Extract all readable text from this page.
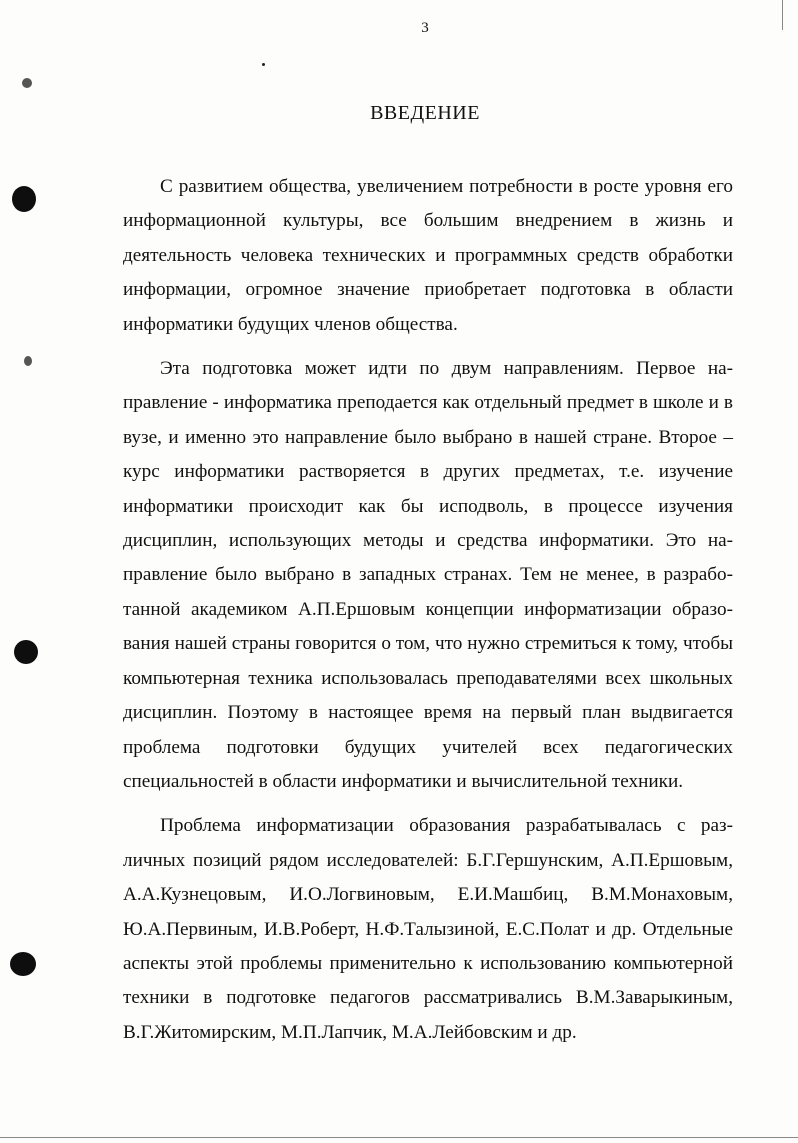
3
ВВЕДЕНИЕ

С развитием общества, увеличением потребности в росте уровня его информационной культуры, все большим внедрением в жизнь и деятельность человека технических и программных средств обработки информации, огромное значение приобретает подготовка в области информатики будущих членов общества.

Эта подготовка может идти по двум направлениям. Первое направление - информатика преподается как отдельный предмет в школе и в вузе, и именно это направление было выбрано в нашей стране. Второе – курс информатики растворяется в других предметах, т.е. изучение информатики происходит как бы исподволь, в процессе изучения дисциплин, использующих методы и средства информатики. Это направление было выбрано в западных странах. Тем не менее, в разработанной академиком А.П.Ершовым концепции информатизации образования нашей страны говорится о том, что нужно стремиться к тому, чтобы компьютерная техника использовалась преподавателями всех школьных дисциплин. Поэтому в настоящее время на первый план выдвигается проблема подготовки будущих учителей всех педагогических специальностей в области информатики и вычислительной техники.

Проблема информатизации образования разрабатывалась с различных позиций рядом исследователей: Б.Г.Гершунским, А.П.Ершовым, А.А.Кузнецовым, И.О.Логвиновым, Е.И.Машбиц, В.М.Монаховым, Ю.А.Первиным, И.В.Роберт, Н.Ф.Талызиной, Е.С.Полат и др. Отдельные аспекты этой проблемы применительно к использованию компьютерной техники в подготовке педагогов рассматривались В.М.Заварыкиным, В.Г.Житомирским, М.П.Лапчик, М.А.Лейбовским и др.
